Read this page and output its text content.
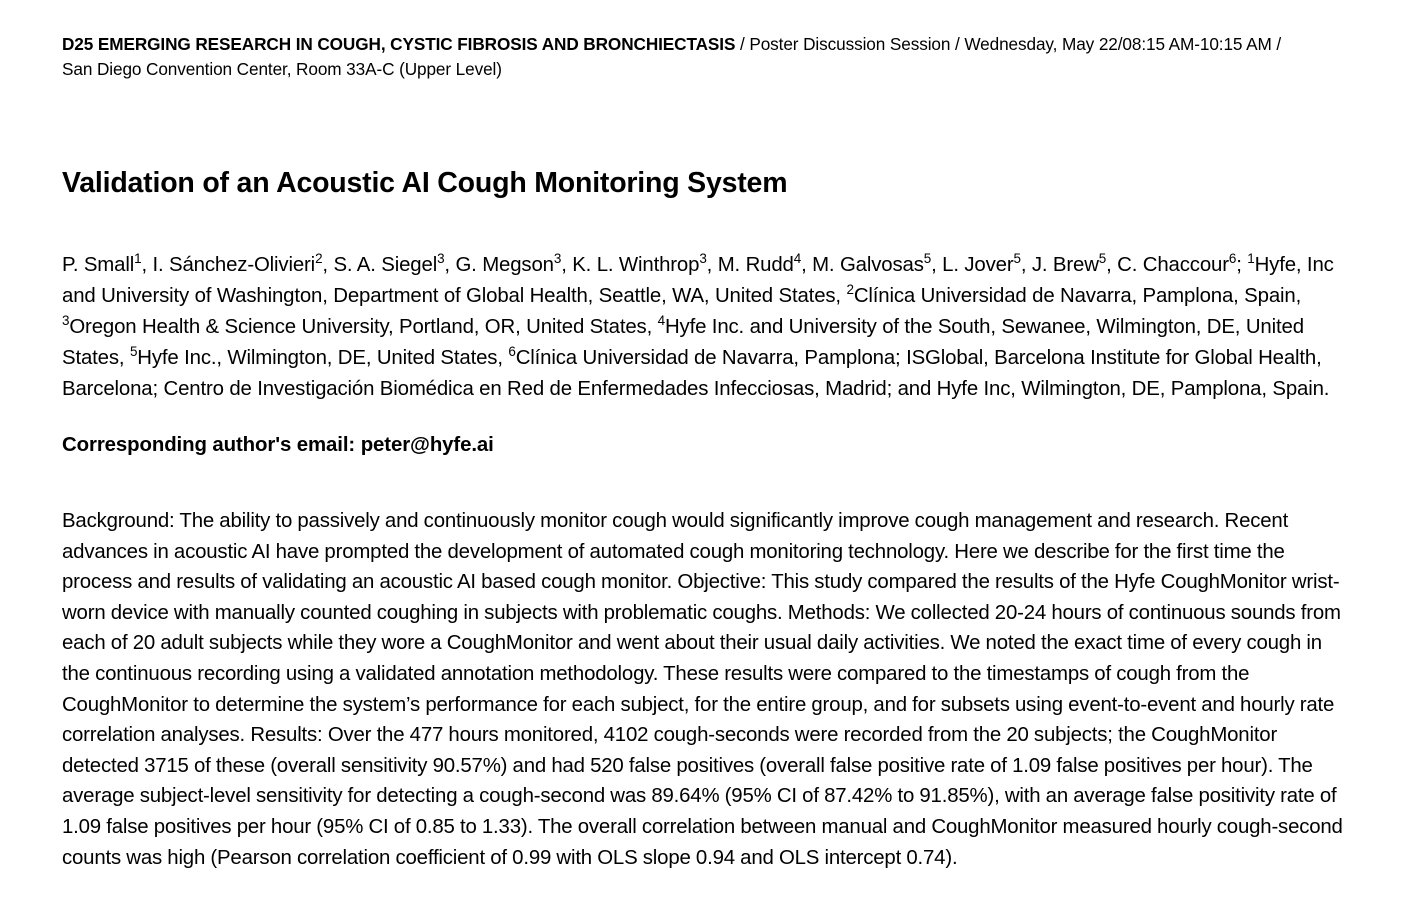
D25 EMERGING RESEARCH IN COUGH, CYSTIC FIBROSIS AND BRONCHIECTASIS / Poster Discussion Session / Wednesday, May 22/08:15 AM-10:15 AM / San Diego Convention Center, Room 33A-C (Upper Level)

Validation of an Acoustic AI Cough Monitoring System

P. Small$^1$, I. Sánchez-Olivieri$^2$, S. A. Siegel$^3$, G. Megson$^3$, K. L. Winthrop$^3$, M. Rudd$^4$, M. Galvosas$^5$, L. Jover$^5$, J. Brew$^5$, C. Chaccour$^6$; $^1$Hyfe, Inc and University of Washington, Department of Global Health, Seattle, WA, United States, $^2$Clínica Universidad de Navarra, Pamplona, Spain, $^3$Oregon Health & Science University, Portland, OR, United States, $^4$Hyfe Inc. and University of the South, Sewanee, Wilmington, DE, United States, $^5$Hyfe Inc., Wilmington, DE, United States, $^6$Clínica Universidad de Navarra, Pamplona; ISGlobal, Barcelona Institute for Global Health, Barcelona; Centro de Investigación Biomédica en Red de Enfermedades Infecciosas, Madrid; and Hyfe Inc, Wilmington, DE, Pamplona, Spain.

Corresponding author's email: peter@hyfe.ai

Background: The ability to passively and continuously monitor cough would significantly improve cough management and research. Recent advances in acoustic AI have prompted the development of automated cough monitoring technology. Here we describe for the first time the process and results of validating an acoustic AI based cough monitor. Objective: This study compared the results of the Hyfe CoughMonitor wrist-worn device with manually counted coughing in subjects with problematic coughs. Methods: We collected 20-24 hours of continuous sounds from each of 20 adult subjects while they wore a CoughMonitor and went about their usual daily activities. We noted the exact time of every cough in the continuous recording using a validated annotation methodology. These results were compared to the timestamps of cough from the CoughMonitor to determine the system’s performance for each subject, for the entire group, and for subsets using event-to-event and hourly rate correlation analyses. Results: Over the 477 hours monitored, 4102 cough-seconds were recorded from the 20 subjects; the CoughMonitor detected 3715 of these (overall sensitivity 90.57%) and had 520 false positives (overall false positive rate of 1.09 false positives per hour). The average subject-level sensitivity for detecting a cough-second was 89.64% (95% CI of 87.42% to 91.85%), with an average false positivity rate of 1.09 false positives per hour (95% CI of 0.85 to 1.33). The overall correlation between manual and CoughMonitor measured hourly cough-second counts was high (Pearson correlation coefficient of 0.99 with OLS slope 0.94 and OLS intercept 0.74).
